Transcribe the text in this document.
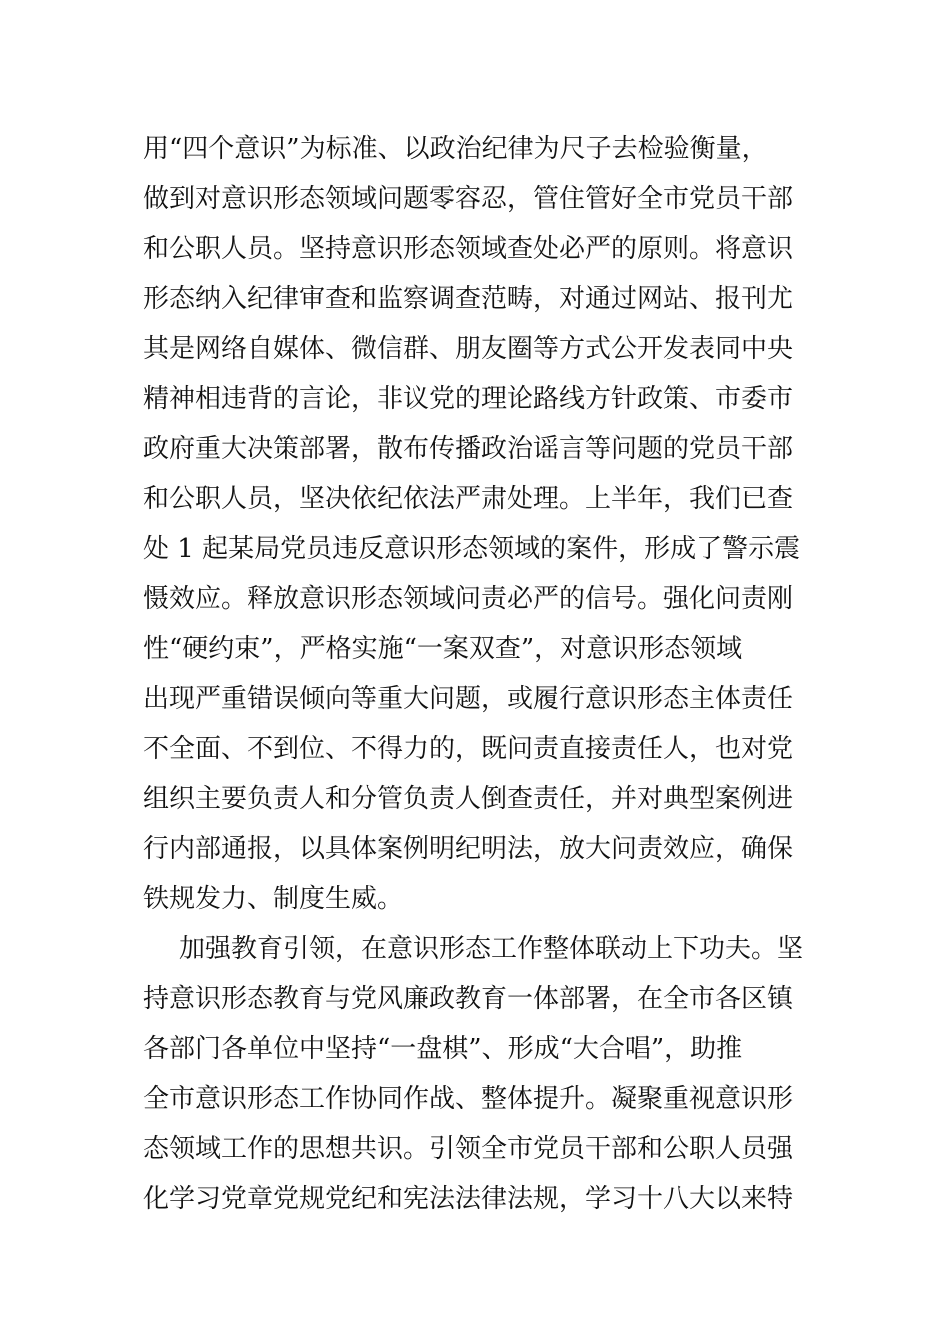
用“四个意识”为标准、以政治纪律为尺子去检验衡量，
做到对意识形态领域问题零容忍，管住管好全市党员干部
和公职人员。坚持意识形态领域查处必严的原则。将意识
形态纳入纪律审查和监察调查范畴，对通过网站、报刊尤
其是网络自媒体、微信群、朋友圈等方式公开发表同中央
精神相违背的言论，非议党的理论路线方针政策、市委市
政府重大决策部署，散布传播政治谣言等问题的党员干部
和公职人员，坚决依纪依法严肃处理。上半年，我们已查
处 1 起某局党员违反意识形态领域的案件，形成了警示震
慑效应。释放意识形态领域问责必严的信号。强化问责刚
性“硬约束”，严格实施“一案双查”，对意识形态领域
出现严重错误倾向等重大问题，或履行意识形态主体责任
不全面、不到位、不得力的，既问责直接责任人，也对党
组织主要负责人和分管负责人倒查责任，并对典型案例进
行内部通报，以具体案例明纪明法，放大问责效应，确保
铁规发力、制度生威。
加强教育引领，在意识形态工作整体联动上下功夫。坚
持意识形态教育与党风廉政教育一体部署，在全市各区镇
各部门各单位中坚持“一盘棋”、形成“大合唱”，助推
全市意识形态工作协同作战、整体提升。凝聚重视意识形
态领域工作的思想共识。引领全市党员干部和公职人员强
化学习党章党规党纪和宪法法律法规，学习十八大以来特
